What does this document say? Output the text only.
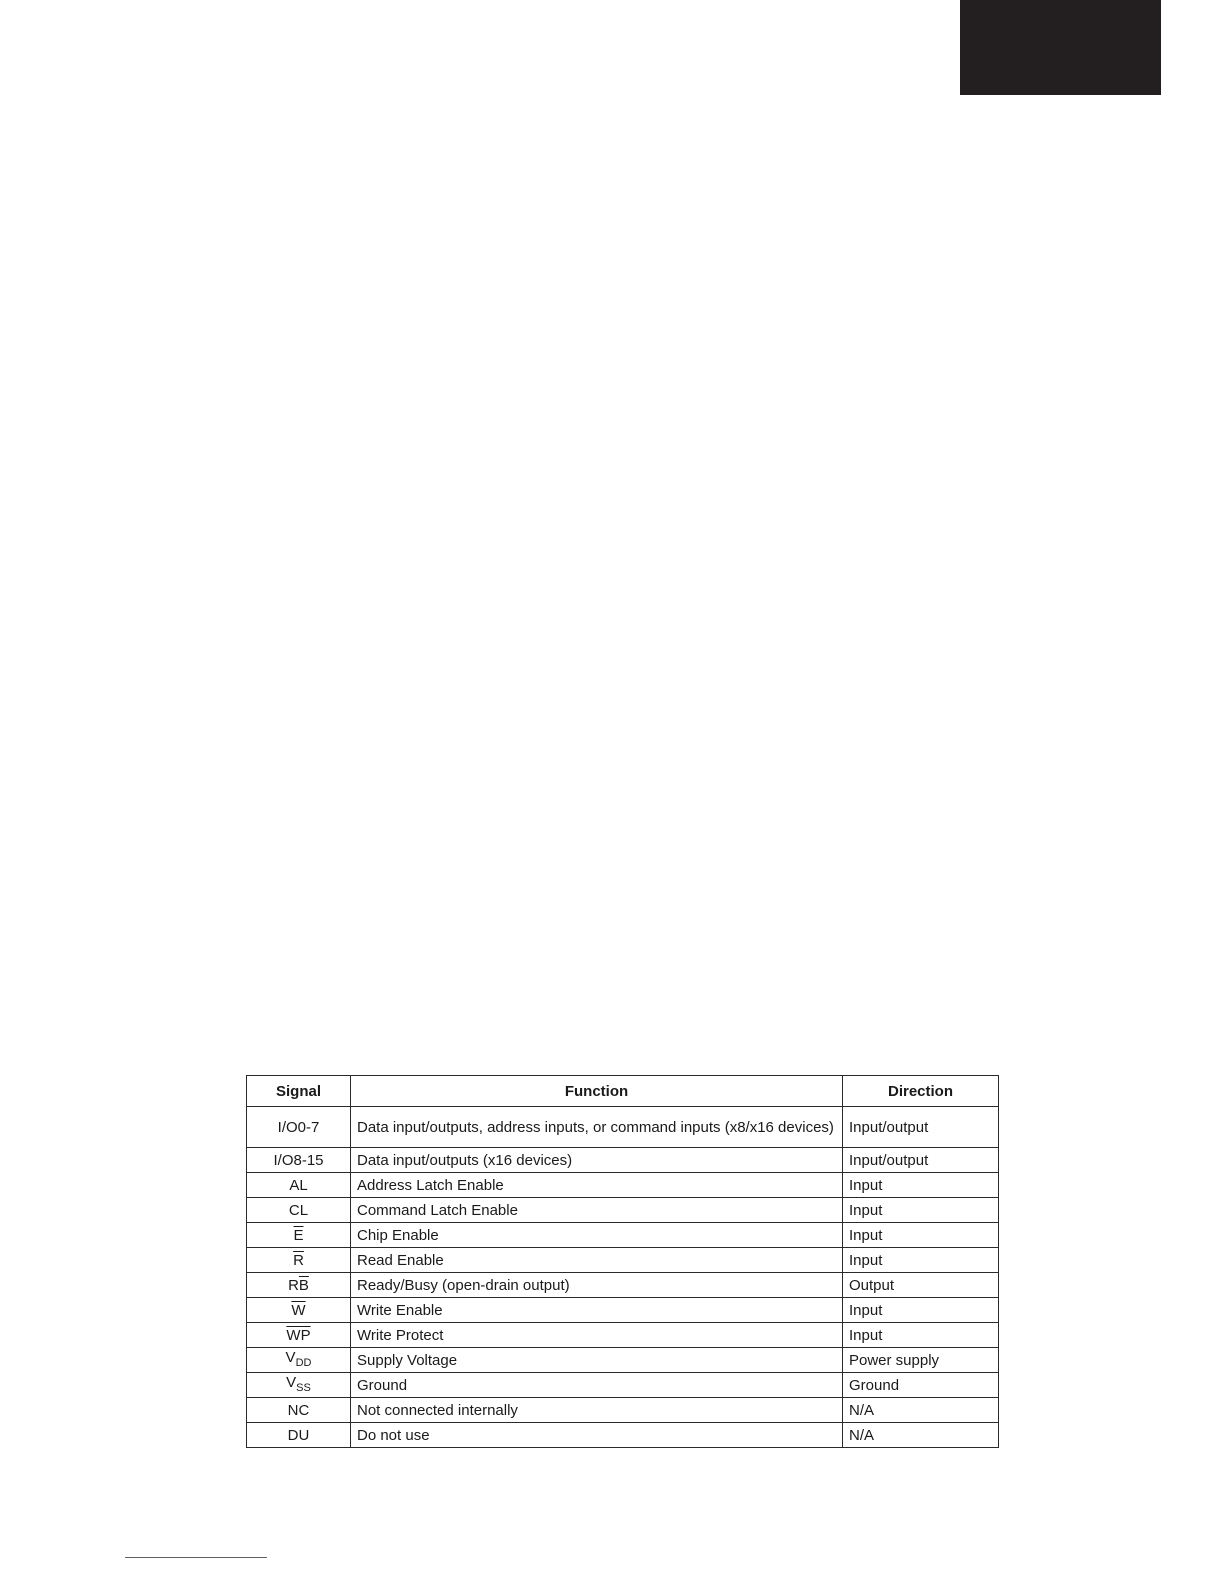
Signal	Function	Direction
I/O0-7	Data input/outputs, address inputs, or command inputs (x8/x16 devices)	Input/output
I/O8-15	Data input/outputs (x16 devices)	Input/output
AL	Address Latch Enable	Input
CL	Command Latch Enable	Input
$\overline{E}$	Chip Enable	Input
$\overline{R}$	Read Enable	Input
$R\overline{B}$	Ready/Busy (open-drain output)	Output
$\overline{W}$	Write Enable	Input
$\overline{WP}$	Write Protect	Input
$V_{DD}$	Supply Voltage	Power supply
$V_{SS}$	Ground	Ground
NC	Not connected internally	N/A
DU	Do not use	N/A
